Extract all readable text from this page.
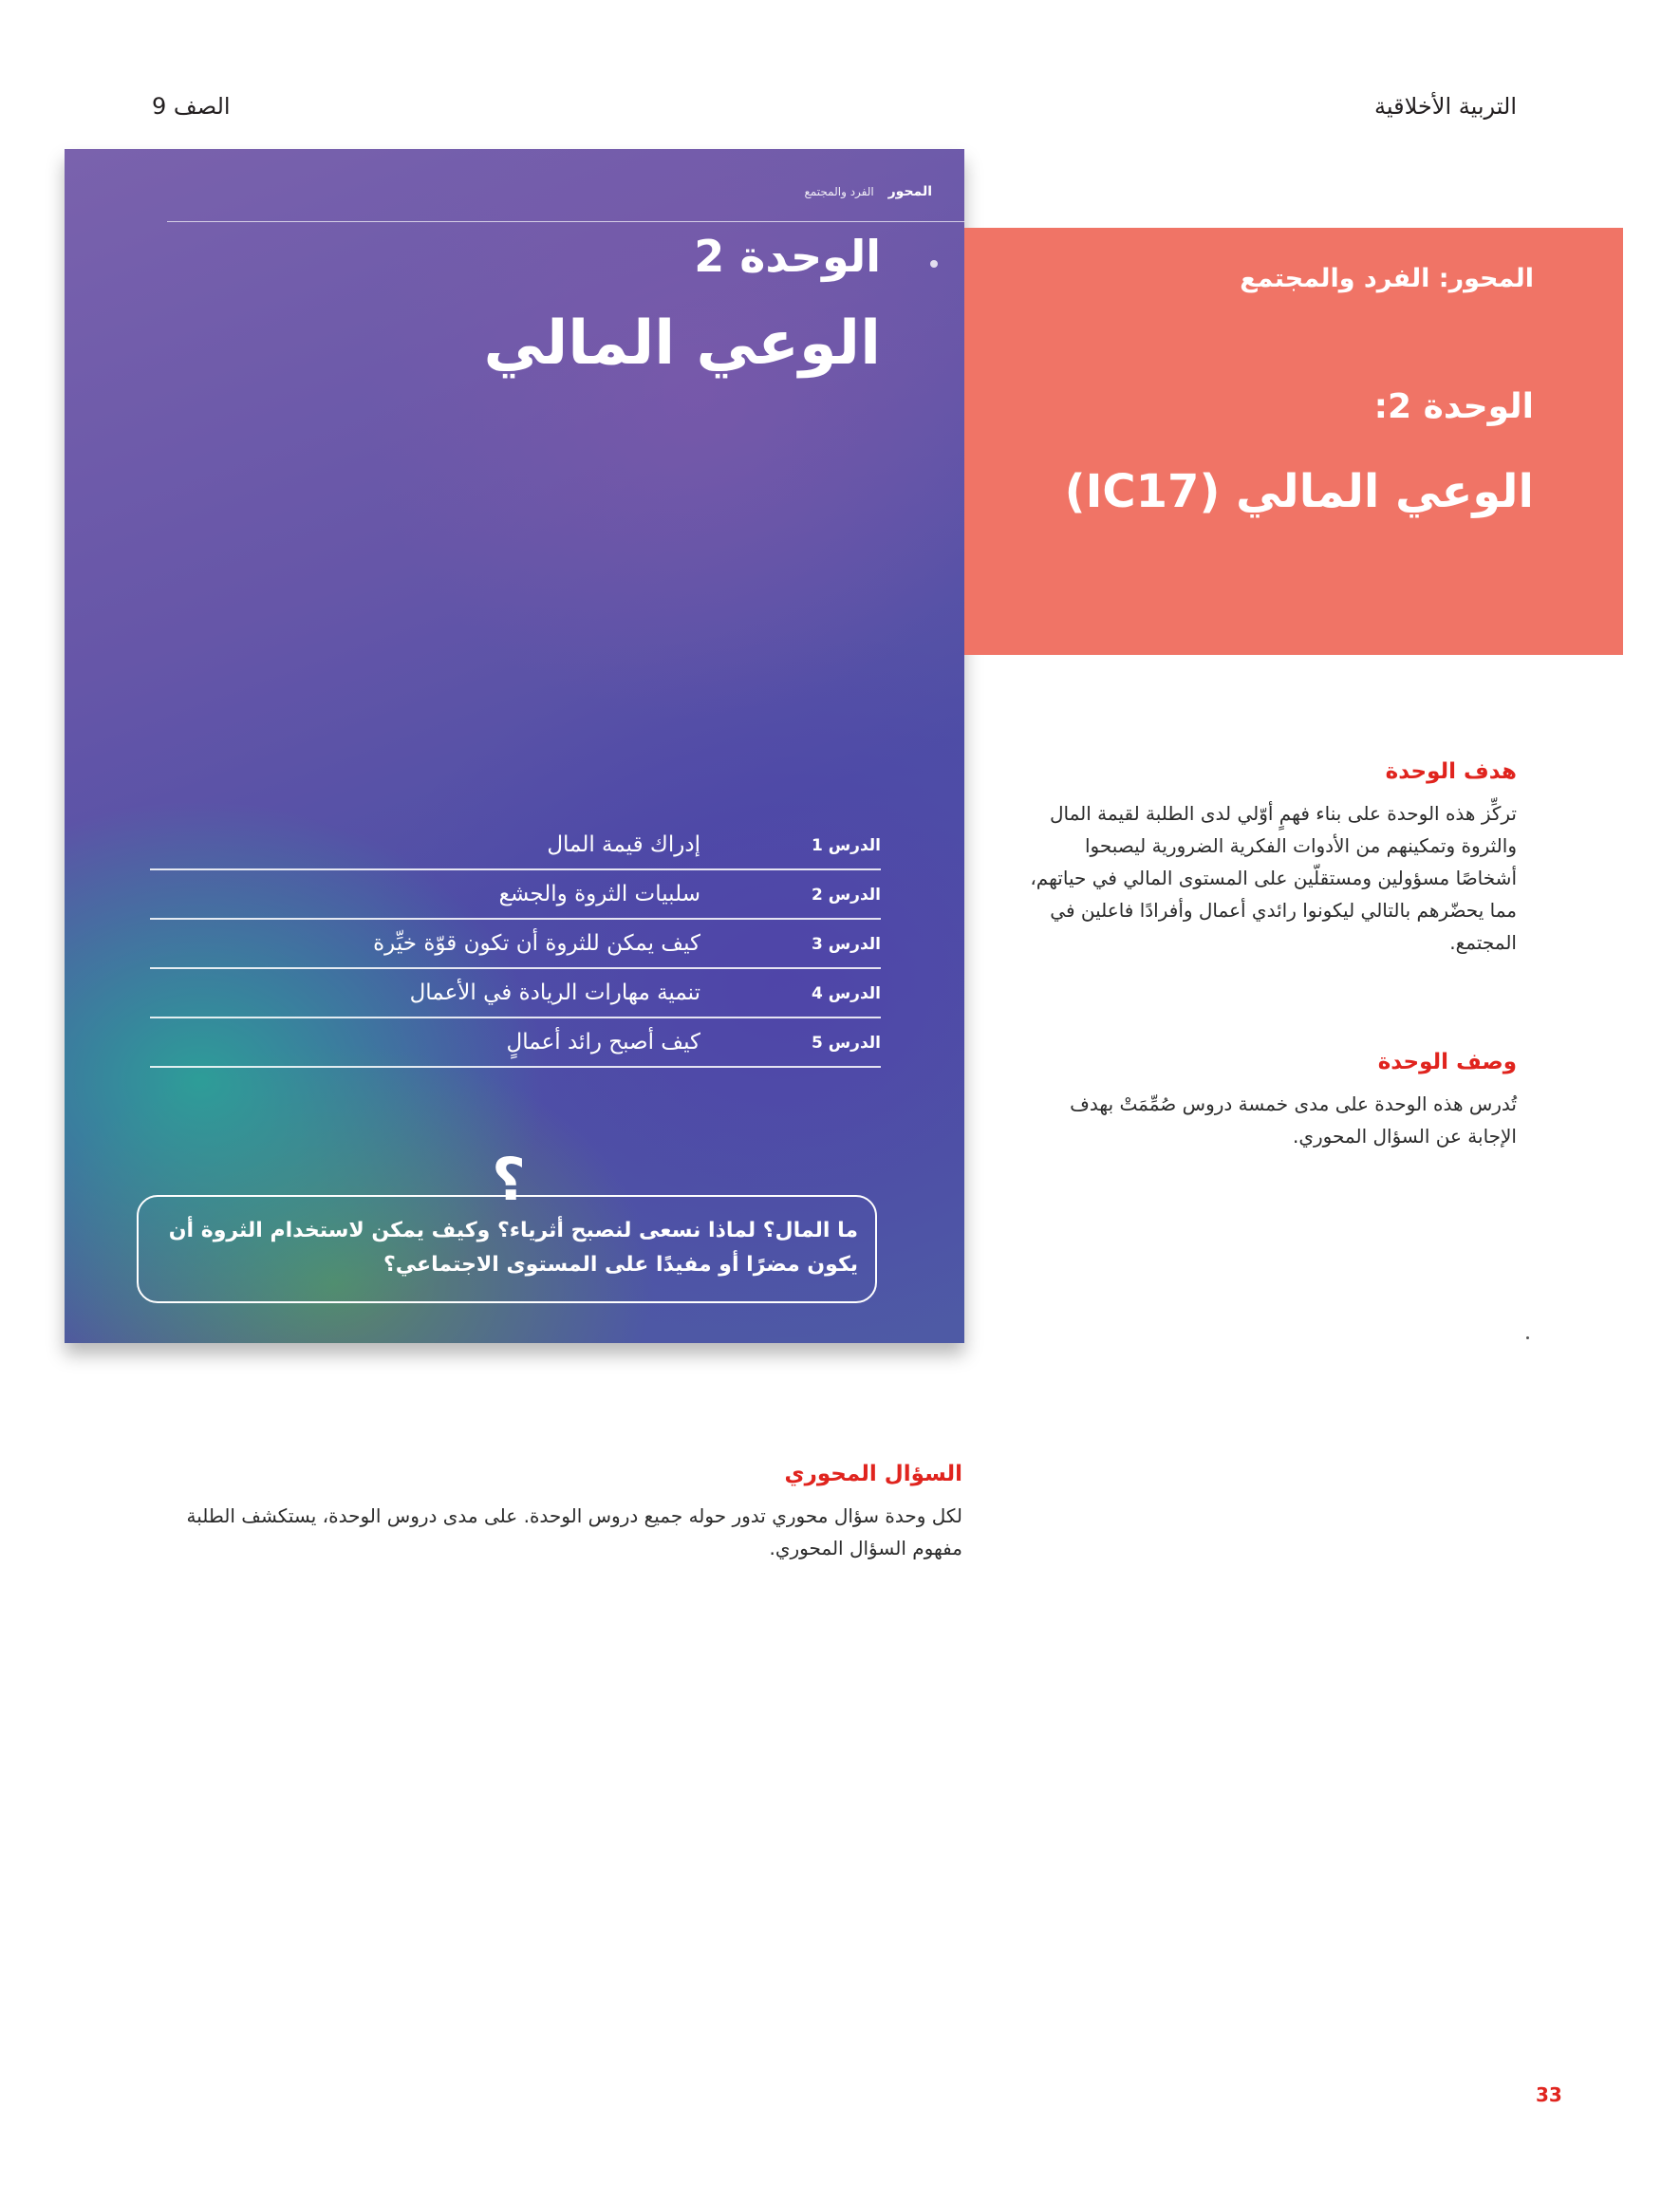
التربية الأخلاقية
الصف 9
المحور الفرد والمجتمع
الوحدة 2
الوعي المالي
الدرس 1
إدراك قيمة المال
الدرس 2
سلبيات الثروة والجشع
الدرس 3
كيف يمكن للثروة أن تكون قوّة خيِّرة
الدرس 4
تنمية مهارات الريادة في الأعمال
الدرس 5
كيف أصبح رائد أعمالٍ
ما المال؟ لماذا نسعى لنصبح أثرياء؟ وكيف يمكن لاستخدام الثروة أن يكون مضرًا أو مفيدًا على المستوى الاجتماعي؟
؟
المحور: الفرد والمجتمع
الوحدة 2:
الوعي المالي (IC17)
هدف الوحدة
تركِّز هذه الوحدة على بناء فهمٍ أوّلي لدى الطلبة لقيمة المال والثروة وتمكينهم من الأدوات الفكرية الضرورية ليصبحوا أشخاصًا مسؤولين ومستقلّين على المستوى المالي في حياتهم، مما يحضّرهم بالتالي ليكونوا رائدي أعمال وأفرادًا فاعلين في المجتمع.
وصف الوحدة
تُدرس هذه الوحدة على مدى خمسة دروس صُمِّمَتْ بهدف الإجابة عن السؤال المحوري.
السؤال المحوري
لكل وحدة سؤال محوري تدور حوله جميع دروس الوحدة. على مدى دروس الوحدة، يستكشف الطلبة مفهوم السؤال المحوري.
33
